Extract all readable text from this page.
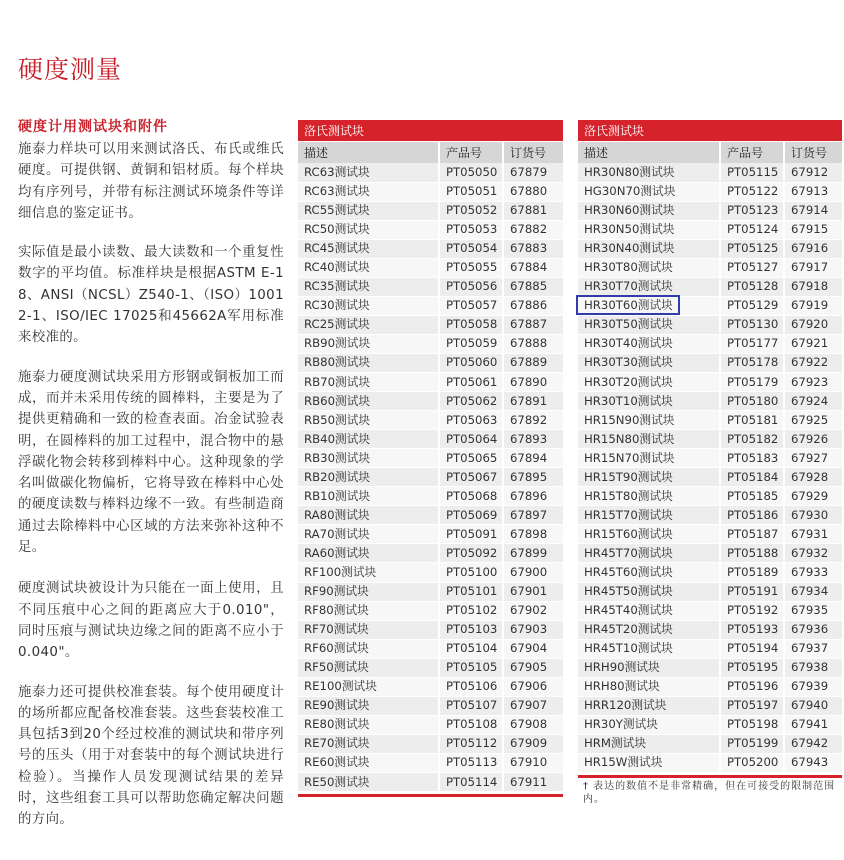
硬度测量
硬度计用测试块和附件

施泰力样块可以用来测试洛氏、布氏或维氏硬度。可提供钢、黄铜和铝材质。每个样块均有序列号，并带有标注测试环境条件等详细信息的鉴定证书。

实际值是最小读数、最大读数和一个重复性数字的平均值。标准样块是根据ASTM E-18、ANSI（NCSL）Z540-1、（ISO）10012-1、ISO/IEC 17025和45662A军用标准来校准的。

施泰力硬度测试块采用方形钢或铜板加工而成，而并未采用传统的圆棒料，主要是为了提供更精确和一致的检查表面。冶金试验表明，在圆棒料的加工过程中，混合物中的悬浮碳化物会转移到棒料中心。这种现象的学名叫做碳化物偏析，它将导致在棒料中心处的硬度读数与棒料边缘不一致。有些制造商通过去除棒料中心区域的方法来弥补这种不足。

硬度测试块被设计为只能在一面上使用，且不同压痕中心之间的距离应大于0.010"，同时压痕与测试块边缘之间的距离不应小于0.040"。

施泰力还可提供校准套装。每个使用硬度计的场所都应配备校准套装。这些套装校准工具包括3到20个经过校准的测试块和带序列号的压头（用于对套装中的每个测试块进行检验）。当操作人员发现测试结果的差异时，这些组套工具可以帮助您确定解决问题的方向。

洛氏测试块		
描述	产品号	订货号
RC63测试块	PT05050	67879
RC63测试块	PT05051	67880
RC55测试块	PT05052	67881
RC50测试块	PT05053	67882
RC45测试块	PT05054	67883
RC40测试块	PT05055	67884
RC35测试块	PT05056	67885
RC30测试块	PT05057	67886
RC25测试块	PT05058	67887
RB90测试块	PT05059	67888
RB80测试块	PT05060	67889
RB70测试块	PT05061	67890
RB60测试块	PT05062	67891
RB50测试块	PT05063	67892
RB40测试块	PT05064	67893
RB30测试块	PT05065	67894
RB20测试块	PT05067	67895
RB10测试块	PT05068	67896
RA80测试块	PT05069	67897
RA70测试块	PT05091	67898
RA60测试块	PT05092	67899
RF100测试块	PT05100	67900
RF90测试块	PT05101	67901
RF80测试块	PT05102	67902
RF70测试块	PT05103	67903
RF60测试块	PT05104	67904
RF50测试块	PT05105	67905
RE100测试块	PT05106	67906
RE90测试块	PT05107	67907
RE80测试块	PT05108	67908
RE70测试块	PT05112	67909
RE60测试块	PT05113	67910
RE50测试块	PT05114	67911
洛氏测试块		
描述	产品号	订货号
HR30N80测试块	PT05115	67912
HG30N70测试块	PT05122	67913
HR30N60测试块	PT05123	67914
HR30N50测试块	PT05124	67915
HR30N40测试块	PT05125	67916
HR30T80测试块	PT05127	67917
HR30T70测试块	PT05128	67918
HR30T60测试块	PT05129	67919
HR30T50测试块	PT05130	67920
HR30T40测试块	PT05177	67921
HR30T30测试块	PT05178	67922
HR30T20测试块	PT05179	67923
HR30T10测试块	PT05180	67924
HR15N90测试块	PT05181	67925
HR15N80测试块	PT05182	67926
HR15N70测试块	PT05183	67927
HR15T90测试块	PT05184	67928
HR15T80测试块	PT05185	67929
HR15T70测试块	PT05186	67930
HR15T60测试块	PT05187	67931
HR45T70测试块	PT05188	67932
HR45T60测试块	PT05189	67933
HR45T50测试块	PT05191	67934
HR45T40测试块	PT05192	67935
HR45T20测试块	PT05193	67936
HR45T10测试块	PT05194	67937
HRH90测试块	PT05195	67938
HRH80测试块	PT05196	67939
HRR120测试块	PT05197	67940
HR30Y测试块	PT05198	67941
HRM测试块	PT05199	67942
HR15W测试块	PT05200	67943

† 表达的数值不是非常精确，但在可接受的限制范围内。
